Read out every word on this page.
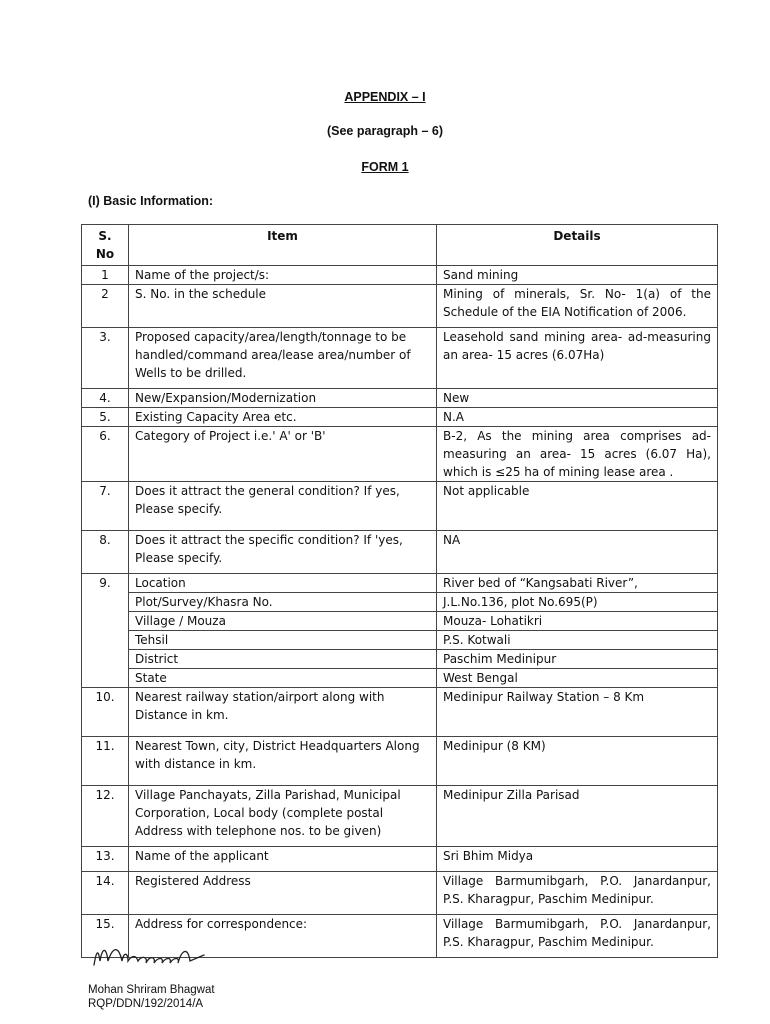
APPENDIX – I
(See paragraph – 6)
FORM 1
(I) Basic Information:
S. No	Item	Details
1	Name of the project/s:	Sand mining
2	S. No. in the schedule	Mining of minerals, Sr. No- 1(a) of the Schedule of the EIA Notification of 2006.
3.	Proposed capacity/area/length/tonnage to be handled/command area/lease area/number of Wells to be drilled.	Leasehold sand mining area- ad-measuring an area- 15 acres (6.07Ha)
4.	New/Expansion/Modernization	New
5.	Existing Capacity Area etc.	N.A
6.	Category of Project i.e.' A' or 'B'	B-2, As the mining area comprises ad-measuring an area- 15 acres (6.07 Ha), which is ≤25 ha of mining lease area .
7.	Does it attract the general condition? If yes, Please specify.	Not applicable
8.	Does it attract the specific condition? If 'yes, Please specify.	NA
9.	Location	River bed of “Kangsabati River”,
	Plot/Survey/Khasra No.	J.L.No.136, plot No.695(P)
	Village / Mouza	Mouza- Lohatikri
	Tehsil	P.S. Kotwali
	District	Paschim Medinipur
	State	West Bengal
10.	Nearest railway station/airport along with Distance in km.	Medinipur Railway Station – 8 Km
11.	Nearest Town, city, District Headquarters Along with distance in km.	Medinipur (8 KM)
12.	Village Panchayats, Zilla Parishad, Municipal Corporation, Local body (complete postal Address with telephone nos. to be given)	Medinipur Zilla Parisad
13.	Name of the applicant	Sri Bhim Midya
14.	Registered Address	Village Barmumibgarh, P.O. Janardanpur, P.S. Kharagpur, Paschim Medinipur.
15.	Address for correspondence:	Village Barmumibgarh, P.O. Janardanpur, P.S. Kharagpur, Paschim Medinipur.
Mohan Shriram Bhagwat
RQP/DDN/192/2014/A
